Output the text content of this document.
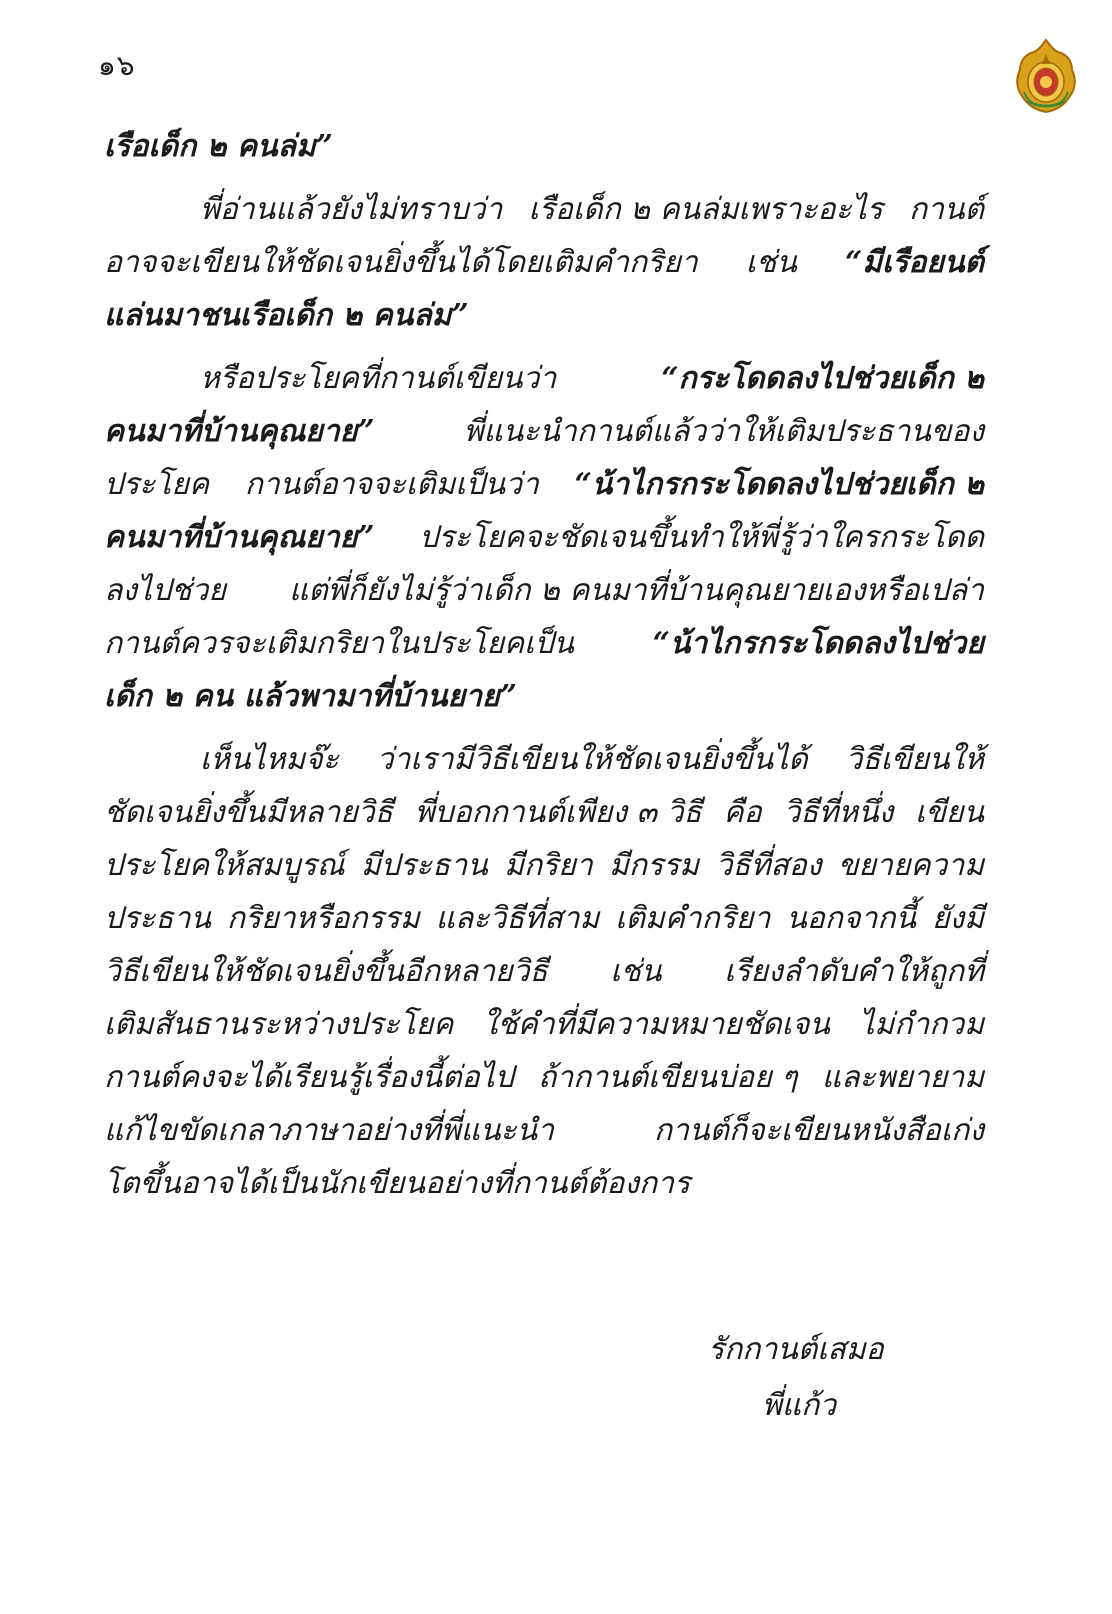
๑๖
เรือเด็ก ๒ คนล่ม”
พี่อ่านแล้วยังไม่ทราบว่า เรือเด็ก ๒ คนล่มเพราะอะไร กานต์
อาจจะเขียนให้ชัดเจนยิ่งขึ้นได้โดยเติมคำกริยา เช่น “มีเรือยนต์
แล่นมาชนเรือเด็ก ๒ คนล่ม”
หรือประโยคที่กานต์เขียนว่า	“กระโดดลงไปช่วยเด็ก ๒
คนมาที่บ้านคุณยาย”	พี่แนะนำกานต์แล้วว่าให้เติมประธานของ
ประโยค กานต์อาจจะเติมเป็นว่า “น้าไกรกระโดดลงไปช่วยเด็ก ๒
คนมาที่บ้านคุณยาย” ประโยคจะชัดเจนขึ้นทำให้พี่รู้ว่าใครกระโดด
ลงไปช่วย แต่พี่ก็ยังไม่รู้ว่าเด็ก ๒ คนมาที่บ้านคุณยายเองหรือเปล่า
กานต์ควรจะเติมกริยาในประโยคเป็น	“น้าไกรกระโดดลงไปช่วย
เด็ก ๒ คน แล้วพามาที่บ้านยาย”
เห็นไหมจ๊ะ ว่าเรามีวิธีเขียนให้ชัดเจนยิ่งขึ้นได้ วิธีเขียนให้
ชัดเจนยิ่งขึ้นมีหลายวิธี พี่บอกกานต์เพียง ๓ วิธี คือ วิธีที่หนึ่ง เขียน
ประโยคให้สมบูรณ์ มีประธาน มีกริยา มีกรรม วิธีที่สอง ขยายความ
ประธาน กริยาหรือกรรม และวิธีที่สาม เติมคำกริยา นอกจากนี้ ยังมี
วิธีเขียนให้ชัดเจนยิ่งขึ้นอีกหลายวิธี เช่น เรียงลำดับคำให้ถูกที่
เติมสันธานระหว่างประโยค ใช้คำที่มีความหมายชัดเจน ไม่กำกวม
กานต์คงจะได้เรียนรู้เรื่องนี้ต่อไป ถ้ากานต์เขียนบ่อย ๆ และพยายาม
แก้ไขขัดเกลาภาษาอย่างที่พี่แนะนำ	กานต์ก็จะเขียนหนังสือเก่ง
โตขึ้นอาจได้เป็นนักเขียนอย่างที่กานต์ต้องการ
รักกานต์เสมอ
พี่แก้ว
